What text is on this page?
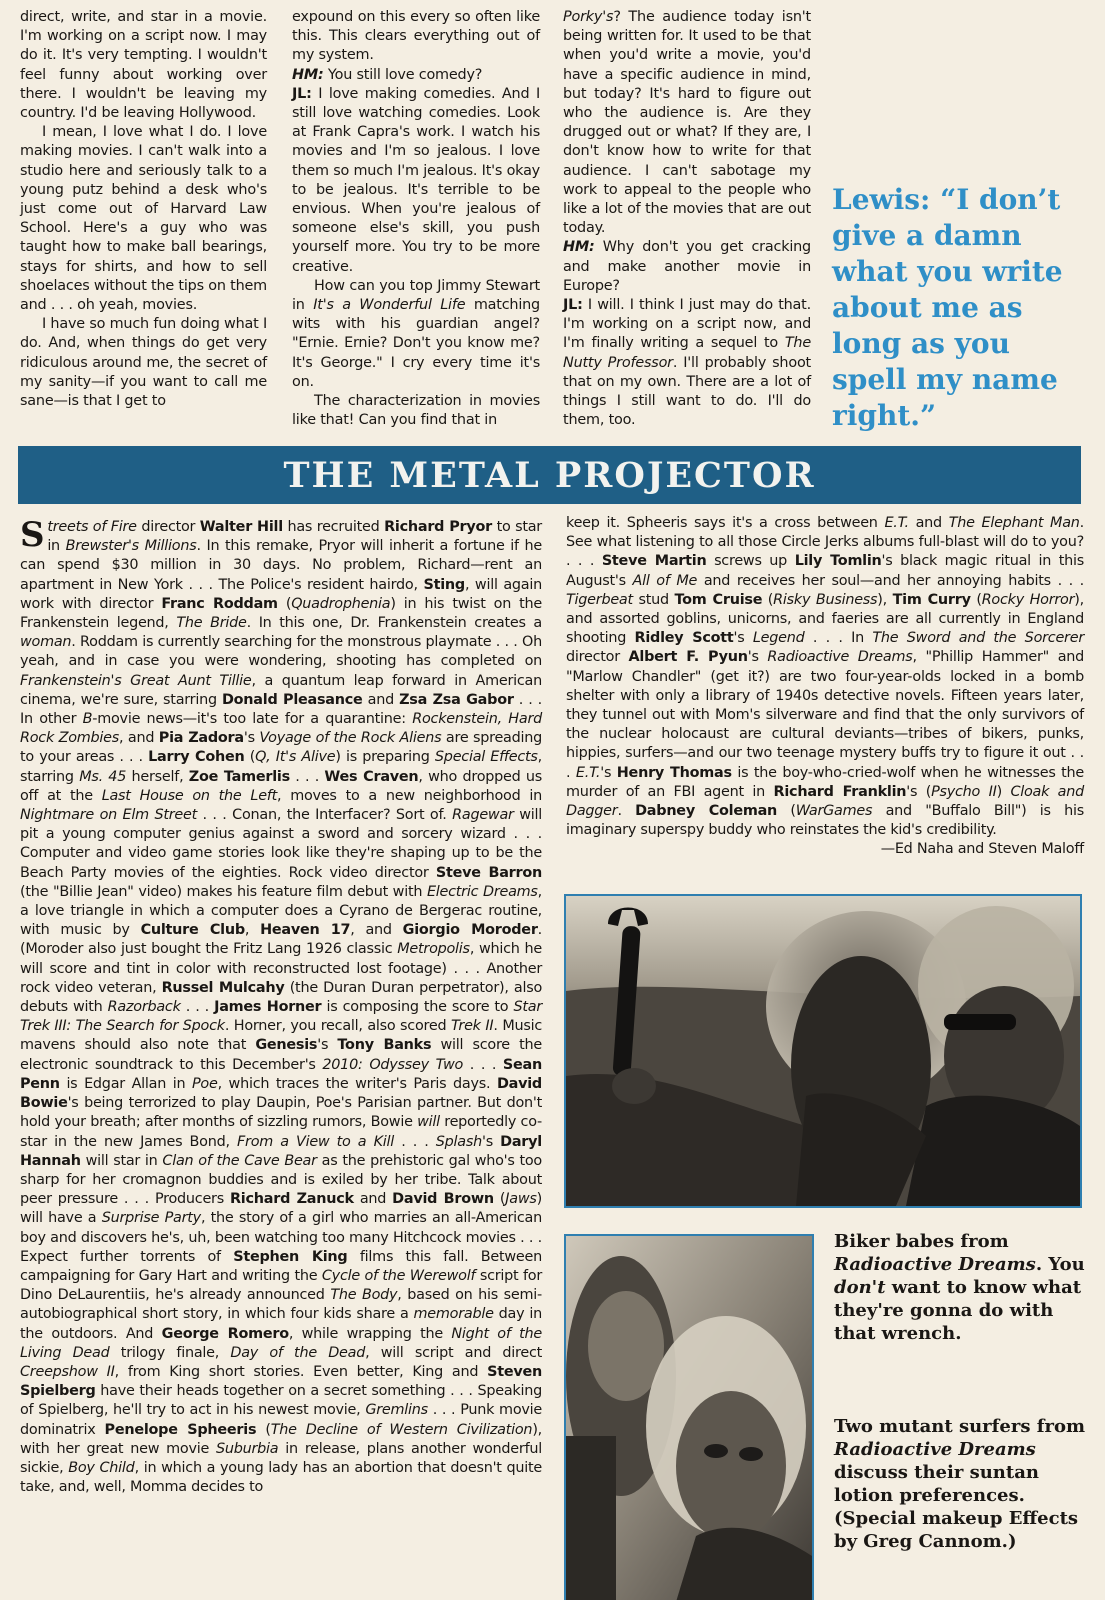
direct, write, and star in a movie. I'm working on a script now. I may do it. It's very tempting. I wouldn't feel funny about working over there. I wouldn't be leaving my country. I'd be leaving Hollywood.

I mean, I love what I do. I love making movies. I can't walk into a studio here and seriously talk to a young putz behind a desk who's just come out of Harvard Law School. Here's a guy who was taught how to make ball bearings, stays for shirts, and how to sell shoelaces without the tips on them and . . . oh yeah, movies.

I have so much fun doing what I do. And, when things do get very ridiculous around me, the secret of my sanity—if you want to call me sane—is that I get to

expound on this every so often like this. This clears everything out of my system.

HM: You still love comedy?

JL: I love making comedies. And I still love watching comedies. Look at Frank Capra's work. I watch his movies and I'm so jealous. I love them so much I'm jealous. It's okay to be jealous. It's terrible to be envious. When you're jealous of someone else's skill, you push yourself more. You try to be more creative.

How can you top Jimmy Stewart in It's a Wonderful Life matching wits with his guardian angel? "Ernie. Ernie? Don't you know me? It's George." I cry every time it's on.

The characterization in movies like that! Can you find that in

Porky's? The audience today isn't being written for. It used to be that when you'd write a movie, you'd have a specific audience in mind, but today? It's hard to figure out who the audience is. Are they drugged out or what? If they are, I don't know how to write for that audience. I can't sabotage my work to appeal to the people who like a lot of the movies that are out today.

HM: Why don't you get cracking and make another movie in Europe?

JL: I will. I think I just may do that. I'm working on a script now, and I'm finally writing a sequel to The Nutty Professor. I'll probably shoot that on my own. There are a lot of things I still want to do. I'll do them, too.

Lewis: “I don’t give a damn what you write about me as long as you spell my name right.”
THE METAL PROJECTOR

Streets of Fire director Walter Hill has recruited Richard Pryor to star in Brewster's Millions. In this remake, Pryor will inherit a fortune if he can spend $30 million in 30 days. No problem, Richard—rent an apartment in New York . . . The Police's resident hairdo, Sting, will again work with director Franc Roddam (Quadrophenia) in his twist on the Frankenstein legend, The Bride. In this one, Dr. Frankenstein creates a woman. Roddam is currently searching for the monstrous playmate . . . Oh yeah, and in case you were wondering, shooting has completed on Frankenstein's Great Aunt Tillie, a quantum leap forward in American cinema, we're sure, starring Donald Pleasance and Zsa Zsa Gabor . . . In other B-movie news—it's too late for a quarantine: Rockenstein, Hard Rock Zombies, and Pia Zadora's Voyage of the Rock Aliens are spreading to your areas . . . Larry Cohen (Q, It's Alive) is preparing Special Effects, starring Ms. 45 herself, Zoe Tamerlis . . . Wes Craven, who dropped us off at the Last House on the Left, moves to a new neighborhood in Nightmare on Elm Street . . . Conan, the Interfacer? Sort of. Ragewar will pit a young computer genius against a sword and sorcery wizard . . . Computer and video game stories look like they're shaping up to be the Beach Party movies of the eighties. Rock video director Steve Barron (the "Billie Jean" video) makes his feature film debut with Electric Dreams, a love triangle in which a computer does a Cyrano de Bergerac routine, with music by Culture Club, Heaven 17, and Giorgio Moroder. (Moroder also just bought the Fritz Lang 1926 classic Metropolis, which he will score and tint in color with reconstructed lost footage) . . . Another rock video veteran, Russel Mulcahy (the Duran Duran perpetrator), also debuts with Razorback . . . James Horner is composing the score to Star Trek III: The Search for Spock. Horner, you recall, also scored Trek II. Music mavens should also note that Genesis's Tony Banks will score the electronic soundtrack to this December's 2010: Odyssey Two . . . Sean Penn is Edgar Allan in Poe, which traces the writer's Paris days. David Bowie's being terrorized to play Daupin, Poe's Parisian partner. But don't hold your breath; after months of sizzling rumors, Bowie will reportedly co-star in the new James Bond, From a View to a Kill . . . Splash's Daryl Hannah will star in Clan of the Cave Bear as the prehistoric gal who's too sharp for her cromagnon buddies and is exiled by her tribe. Talk about peer pressure . . . Producers Richard Zanuck and David Brown (Jaws) will have a Surprise Party, the story of a girl who marries an all-American boy and discovers he's, uh, been watching too many Hitchcock movies . . . Expect further torrents of Stephen King films this fall. Between campaigning for Gary Hart and writing the Cycle of the Werewolf script for Dino DeLaurentiis, he's already announced The Body, based on his semi-autobiographical short story, in which four kids share a memorable day in the outdoors. And George Romero, while wrapping the Night of the Living Dead trilogy finale, Day of the Dead, will script and direct Creepshow II, from King short stories. Even better, King and Steven Spielberg have their heads together on a secret something . . . Speaking of Spielberg, he'll try to act in his newest movie, Gremlins . . . Punk movie dominatrix Penelope Spheeris (The Decline of Western Civilization), with her great new movie Suburbia in release, plans another wonderful sickie, Boy Child, in which a young lady has an abortion that doesn't quite take, and, well, Momma decides to

keep it. Spheeris says it's a cross between E.T. and The Elephant Man. See what listening to all those Circle Jerks albums full-blast will do to you? . . . Steve Martin screws up Lily Tomlin's black magic ritual in this August's All of Me and receives her soul—and her annoying habits . . . Tigerbeat stud Tom Cruise (Risky Business), Tim Curry (Rocky Horror), and assorted goblins, unicorns, and faeries are all currently in England shooting Ridley Scott's Legend . . . In The Sword and the Sorcerer director Albert F. Pyun's Radioactive Dreams, "Phillip Hammer" and "Marlow Chandler" (get it?) are two four-year-olds locked in a bomb shelter with only a library of 1940s detective novels. Fifteen years later, they tunnel out with Mom's silverware and find that the only survivors of the nuclear holocaust are cultural deviants—tribes of bikers, punks, hippies, surfers—and our two teenage mystery buffs try to figure it out . . . E.T.'s Henry Thomas is the boy-who-cried-wolf when he witnesses the murder of an FBI agent in Richard Franklin's (Psycho II) Cloak and Dagger. Dabney Coleman (WarGames and "Buffalo Bill") is his imaginary superspy buddy who reinstates the kid's credibility.

—Ed Naha and Steven Maloff

Biker babes from Radioactive Dreams. You don't want to know what they're gonna do with that wrench.
Two mutant surfers from Radioactive Dreams discuss their suntan lotion preferences. (Special makeup Effects by Greg Cannom.)
